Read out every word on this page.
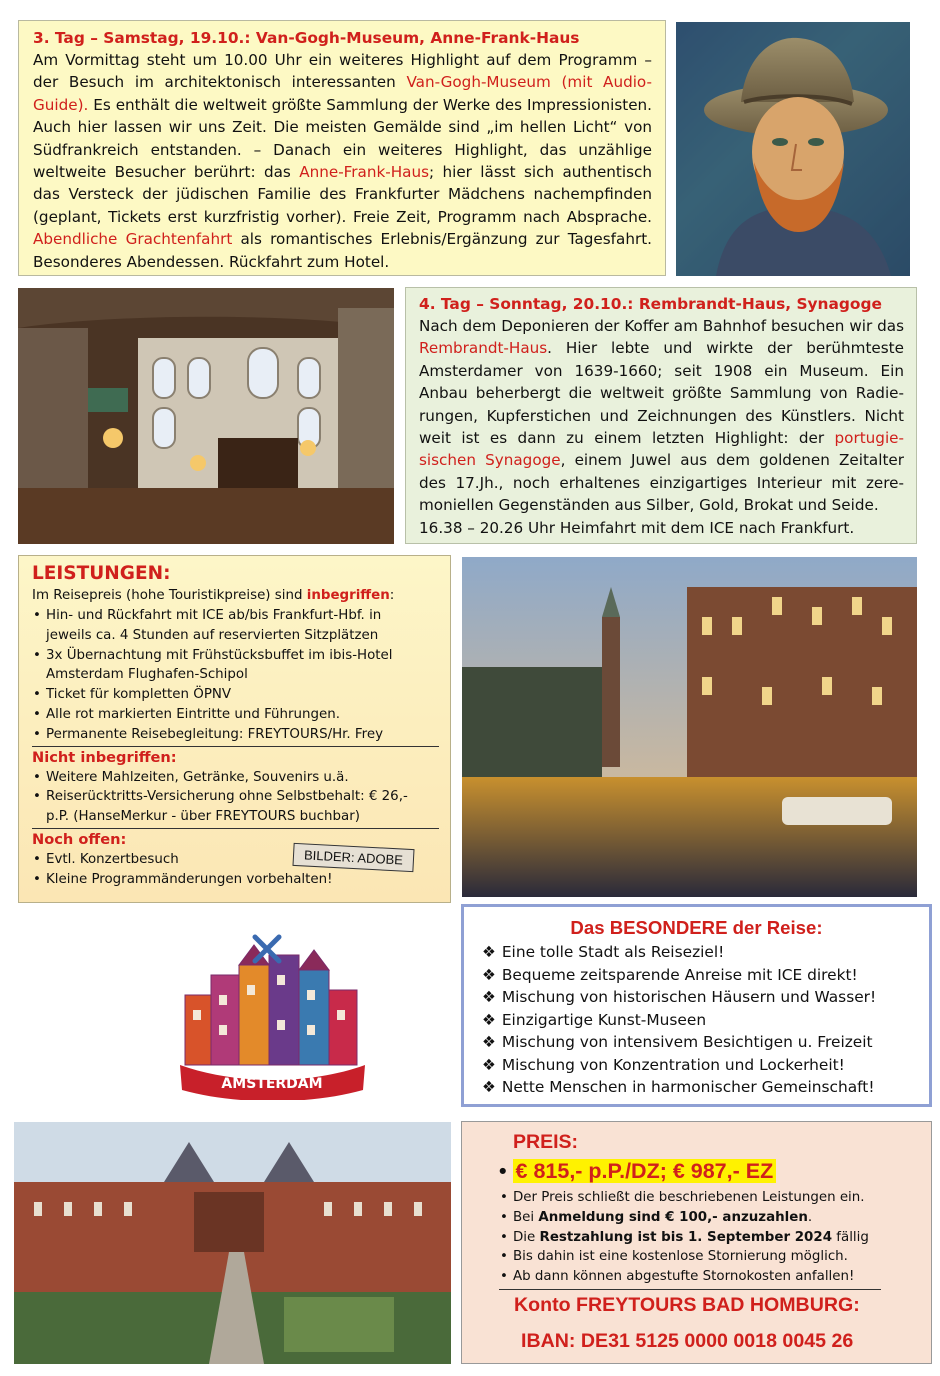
3. Tag – Samstag, 19.10.: Van-Gogh-Museum, Anne-Frank-Haus

Am Vormittag steht um 10.00 Uhr ein weiteres Highlight auf dem Programm – der Besuch im architektonisch interessanten Van-Gogh-Museum (mit Audio-Guide). Es enthält die weltweit größte Sammlung der Werke des Impressionisten. Auch hier lassen wir uns Zeit. Die meisten Gemälde sind „im hellen Licht“ von Südfrankreich entstanden. – Danach ein weiteres Highlight, das unzählige weltweite Besucher berührt: das Anne-Frank-Haus; hier lässt sich authentisch das Versteck der jüdischen Familie des Frankfurter Mädchens nachempfinden (geplant, Tickets erst kurzfristig vorher). Freie Zeit, Programm nach Absprache. Abendliche Grachtenfahrt als romantisches Erlebnis/Ergänzung zur Tagesfahrt. Besonderes Abendessen. Rückfahrt zum Hotel.

4. Tag – Sonntag, 20.10.: Rembrandt-Haus, Synagoge

Nach dem Deponieren der Koffer am Bahnhof besuchen wir das Rembrandt-Haus. Hier lebte und wirkte der berühmteste Amsterdamer von 1639-1660; seit 1908 ein Museum. Ein Anbau beherbergt die weltweit größte Sammlung von Radierungen, Kupferstichen und Zeichnungen des Künstlers. Nicht weit ist es dann zu einem letzten Highlight: der portugiesischen Synagoge, einem Juwel aus dem goldenen Zeitalter des 17.Jh., noch erhaltenes einzigartiges Interieur mit zeremoniellen Gegenständen aus Silber, Gold, Brokat und Seide.

16.38 – 20.26 Uhr Heimfahrt mit dem ICE nach Frankfurt.
LEISTUNGEN:
Im Reisepreis (hohe Touristikpreise) sind inbegriffen:
• Hin- und Rückfahrt mit ICE ab/bis Frankfurt-Hbf. in jeweils ca. 4 Stunden auf reservierten Sitzplätzen
• 3x Übernachtung mit Frühstücksbuffet im ibis-Hotel Amsterdam Flughafen-Schipol
• Ticket für kompletten ÖPNV
• Alle rot markierten Eintritte und Führungen.
• Permanente Reisebegleitung: FREYTOURS/Hr. Frey
Nicht inbegriffen:
• Weitere Mahlzeiten, Getränke, Souvenirs u.ä.
• Reiserücktritts-Versicherung ohne Selbstbehalt: € 26,- p.P. (HanseMerkur - über FREYTOURS buchbar)
Noch offen:
• Evtl. Konzertbesuch
• Kleine Programmänderungen vorbehalten!
BILDER: ADOBE
Das BESONDERE der Reise:
❖ Eine tolle Stadt als Reiseziel!
❖ Bequeme zeitsparende Anreise mit ICE direkt!
❖ Mischung von historischen Häusern und Wasser!
❖ Einzigartige Kunst-Museen
❖ Mischung von intensivem Besichtigen u. Freizeit
❖ Mischung von Konzentration und Lockerheit!
❖ Nette Menschen in harmonischer Gemeinschaft!
AMSTERDAM
PREIS:
• € 815,- p.P./DZ; € 987,- EZ
• Der Preis schließt die beschriebenen Leistungen ein.
• Bei Anmeldung sind € 100,- anzuzahlen.
• Die Restzahlung ist bis 1. September 2024 fällig
• Bis dahin ist eine kostenlose Stornierung möglich.
• Ab dann können abgestufte Stornokosten anfallen!
Konto FREYTOURS BAD HOMBURG:
IBAN: DE31 5125 0000 0018 0045 26
